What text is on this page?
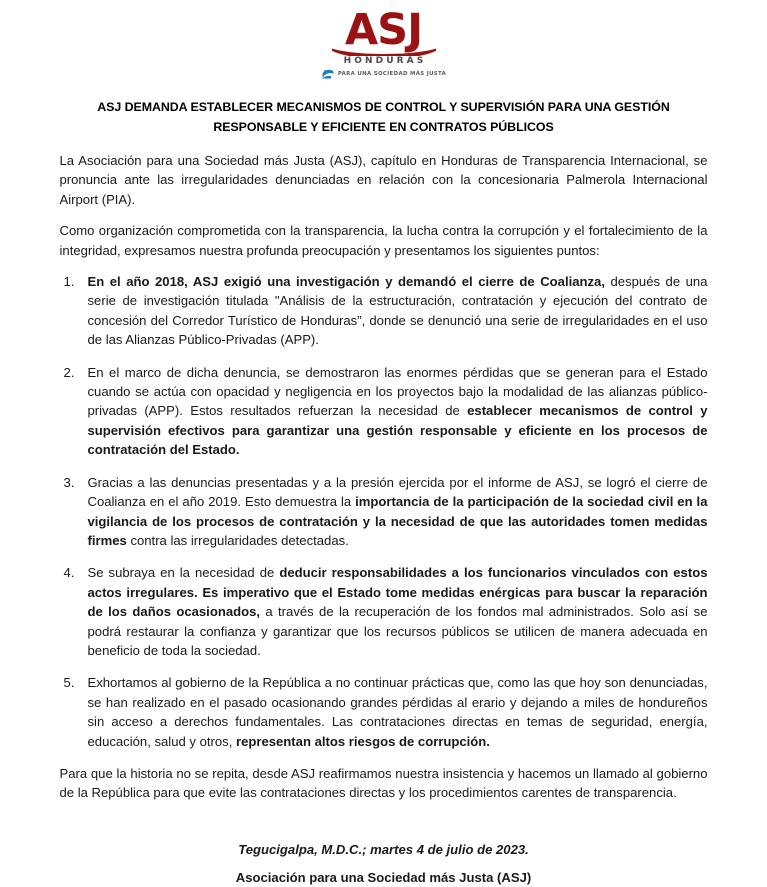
ASJ
HONDURAS
PARA UNA SOCIEDAD MÁS JUSTA
ASJ DEMANDA ESTABLECER MECANISMOS DE CONTROL Y SUPERVISIÓN PARA UNA GESTIÓN RESPONSABLE Y EFICIENTE EN CONTRATOS PÚBLICOS

La Asociación para una Sociedad más Justa (ASJ), capítulo en Honduras de Transparencia Internacional, se pronuncia ante las irregularidades denunciadas en relación con la concesionaria Palmerola Internacional Airport (PIA).

Como organización comprometida con la transparencia, la lucha contra la corrupción y el fortalecimiento de la integridad, expresamos nuestra profunda preocupación y presentamos los siguientes puntos:

En el año 2018, ASJ exigió una investigación y demandó el cierre de Coalianza, después de una serie de investigación titulada "Análisis de la estructuración, contratación y ejecución del contrato de concesión del Corredor Turístico de Honduras”, donde se denunció una serie de irregularidades en el uso de las Alianzas Público-Privadas (APP).
En el marco de dicha denuncia, se demostraron las enormes pérdidas que se generan para el Estado cuando se actúa con opacidad y negligencia en los proyectos bajo la modalidad de las alianzas público-privadas (APP). Estos resultados refuerzan la necesidad de establecer mecanismos de control y supervisión efectivos para garantizar una gestión responsable y eficiente en los procesos de contratación del Estado.
Gracias a las denuncias presentadas y a la presión ejercida por el informe de ASJ, se logró el cierre de Coalianza en el año 2019. Esto demuestra la importancia de la participación de la sociedad civil en la vigilancia de los procesos de contratación y la necesidad de que las autoridades tomen medidas firmes contra las irregularidades detectadas.
Se subraya en la necesidad de deducir responsabilidades a los funcionarios vinculados con estos actos irregulares. Es imperativo que el Estado tome medidas enérgicas para buscar la reparación de los daños ocasionados, a través de la recuperación de los fondos mal administrados. Solo así se podrá restaurar la confianza y garantizar que los recursos públicos se utilicen de manera adecuada en beneficio de toda la sociedad.
Exhortamos al gobierno de la República a no continuar prácticas que, como las que hoy son denunciadas, se han realizado en el pasado ocasionando grandes pérdidas al erario y dejando a miles de hondureños sin acceso a derechos fundamentales. Las contrataciones directas en temas de seguridad, energía, educación, salud y otros, representan altos riesgos de corrupción.

Para que la historia no se repita, desde ASJ reafirmamos nuestra insistencia y hacemos un llamado al gobierno de la República para que evite las contrataciones directas y los procedimientos carentes de transparencia.

Tegucigalpa, M.D.C.; martes 4 de julio de 2023.
Asociación para una Sociedad más Justa (ASJ)
